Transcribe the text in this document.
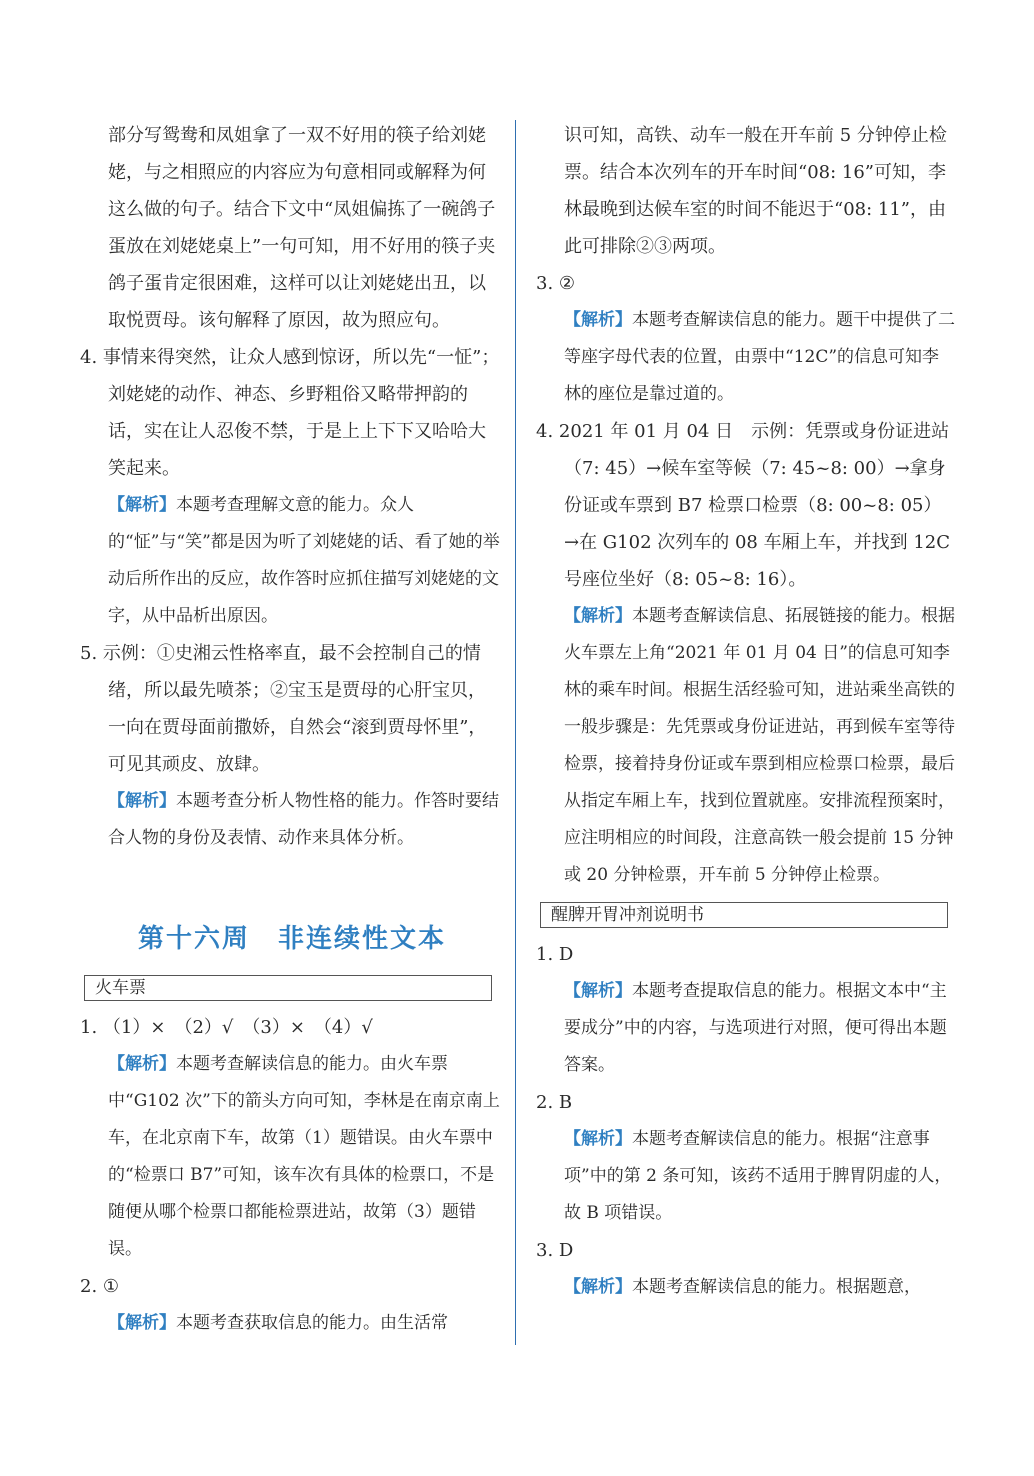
部分写鸳鸯和凤姐拿了一双不好用的筷子给刘姥姥，与之相照应的内容应为句意相同或解释为何这么做的句子。结合下文中“凤姐偏拣了一碗鸽子蛋放在刘姥姥桌上”一句可知，用不好用的筷子夹鸽子蛋肯定很困难，这样可以让刘姥姥出丑，以取悦贾母。该句解释了原因，故为照应句。

4. 事情来得突然，让众人感到惊讶，所以先“一怔”；刘姥姥的动作、神态、乡野粗俗又略带押韵的话，实在让人忍俊不禁，于是上上下下又哈哈大笑起来。

【解析】本题考查理解文意的能力。众人的“怔”与“笑”都是因为听了刘姥姥的话、看了她的举动后所作出的反应，故作答时应抓住描写刘姥姥的文字，从中品析出原因。

5. 示例：①史湘云性格率直，最不会控制自己的情绪，所以最先喷茶；②宝玉是贾母的心肝宝贝，一向在贾母面前撒娇，自然会“滚到贾母怀里”，可见其顽皮、放肆。

【解析】本题考查分析人物性格的能力。作答时要结合人物的身份及表情、动作来具体分析。

第十六周　非连续性文本
火车票

1. （1）×　（2）√　（3）×　（4）√

【解析】本题考查解读信息的能力。由火车票中“G102 次”下的箭头方向可知，李林是在南京南上车，在北京南下车，故第（1）题错误。由火车票中的“检票口 B7”可知，该车次有具体的检票口，不是随便从哪个检票口都能检票进站，故第（3）题错误。

2. ①

【解析】本题考查获取信息的能力。由生活常

识可知，高铁、动车一般在开车前 5 分钟停止检票。结合本次列车的开车时间“08: 16”可知，李林最晚到达候车室的时间不能迟于“08: 11”，由此可排除②③两项。

3. ②

【解析】本题考查解读信息的能力。题干中提供了二等座字母代表的位置，由票中“12C”的信息可知李林的座位是靠过道的。

4. 2021 年 01 月 04 日　示例：凭票或身份证进站（7: 45）→候车室等候（7: 45~8: 00）→拿身份证或车票到 B7 检票口检票（8: 00~8: 05）→在 G102 次列车的 08 车厢上车，并找到 12C 号座位坐好（8: 05~8: 16）。

【解析】本题考查解读信息、拓展链接的能力。根据火车票左上角“2021 年 01 月 04 日”的信息可知李林的乘车时间。根据生活经验可知，进站乘坐高铁的一般步骤是：先凭票或身份证进站，再到候车室等待检票，接着持身份证或车票到相应检票口检票，最后从指定车厢上车，找到位置就座。安排流程预案时，应注明相应的时间段，注意高铁一般会提前 15 分钟或 20 分钟检票，开车前 5 分钟停止检票。

醒脾开胃冲剂说明书

1. D

【解析】本题考查提取信息的能力。根据文本中“主要成分”中的内容，与选项进行对照，便可得出本题答案。

2. B

【解析】本题考查解读信息的能力。根据“注意事项”中的第 2 条可知，该药不适用于脾胃阴虚的人，故 B 项错误。

3. D

【解析】本题考查解读信息的能力。根据题意，
